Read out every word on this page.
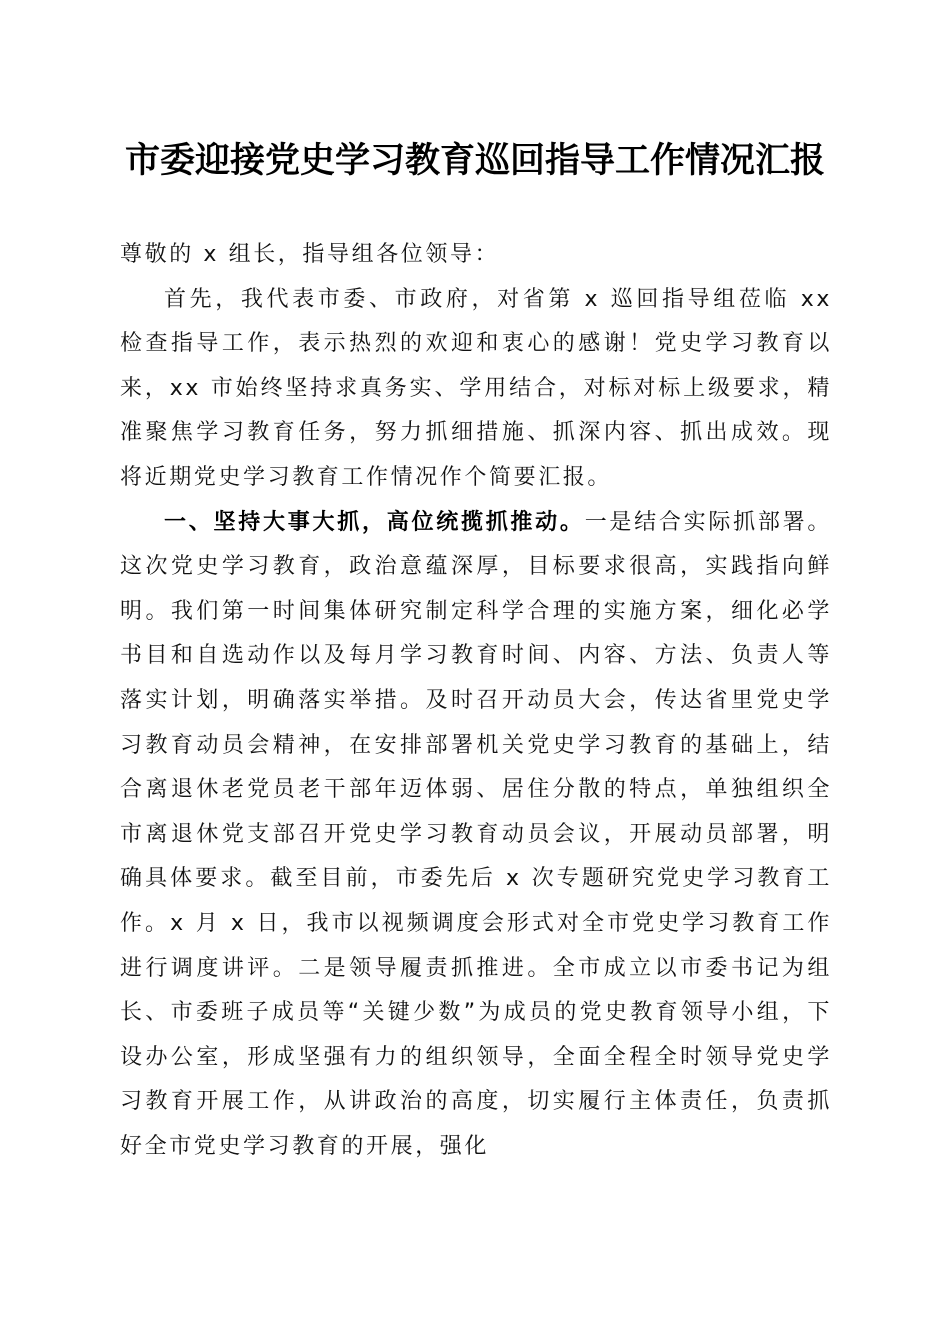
市委迎接党史学习教育巡回指导工作情况汇报

尊敬的 x 组长，指导组各位领导：

首先，我代表市委、市政府，对省第 x 巡回指导组莅临 xx 检查指导工作，表示热烈的欢迎和衷心的感谢！党史学习教育以来，xx 市始终坚持求真务实、学用结合，对标对标上级要求，精准聚焦学习教育任务，努力抓细措施、抓深内容、抓出成效。现将近期党史学习教育工作情况作个简要汇报。

一、坚持大事大抓，高位统揽抓推动。一是结合实际抓部署。这次党史学习教育，政治意蕴深厚，目标要求很高，实践指向鲜明。我们第一时间集体研究制定科学合理的实施方案，细化必学书目和自选动作以及每月学习教育时间、内容、方法、负责人等落实计划，明确落实举措。及时召开动员大会，传达省里党史学习教育动员会精神，在安排部署机关党史学习教育的基础上，结合离退休老党员老干部年迈体弱、居住分散的特点，单独组织全市离退休党支部召开党史学习教育动员会议，开展动员部署，明确具体要求。截至目前，市委先后 x 次专题研究党史学习教育工作。x 月 x 日，我市以视频调度会形式对全市党史学习教育工作进行调度讲评。二是领导履责抓推进。全市成立以市委书记为组长、市委班子成员等“关键少数”为成员的党史教育领导小组，下设办公室，形成坚强有力的组织领导，全面全程全时领导党史学习教育开展工作，从讲政治的高度，切实履行主体责任，负责抓好全市党史学习教育的开展，强化
